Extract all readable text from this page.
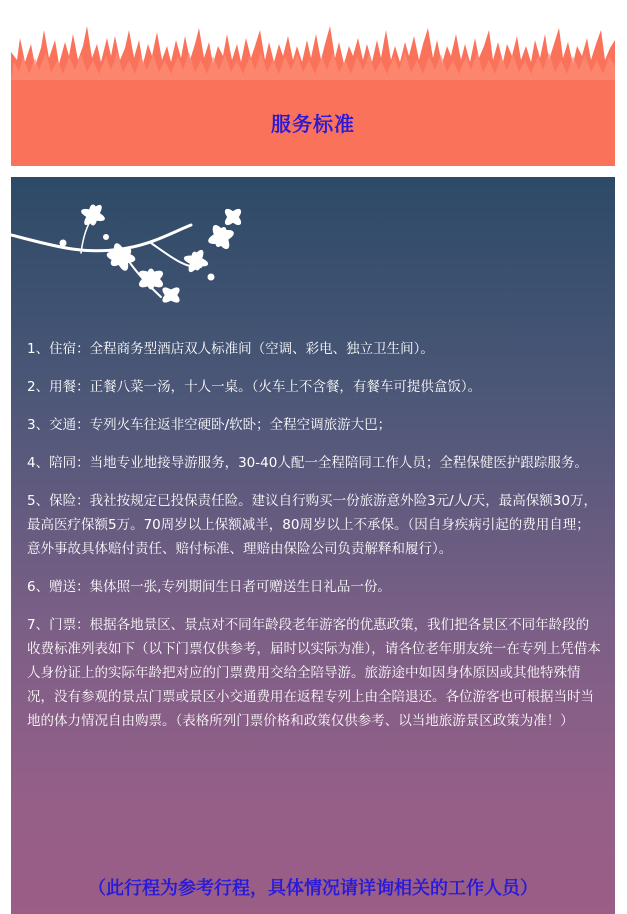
服务标准
1、住宿：全程商务型酒店双人标准间（空调、彩电、独立卫生间）。
2、用餐：正餐八菜一汤，十人一桌。（火车上不含餐，有餐车可提供盒饭）。
3、交通：专列火车往返非空硬卧/软卧；全程空调旅游大巴；
4、陪同：当地专业地接导游服务，30-40人配一全程陪同工作人员；全程保健医护跟踪服务。
5、保险：我社按规定已投保责任险。建议自行购买一份旅游意外险3元/人/天，最高保额30万，最高医疗保额5万。70周岁以上保额减半，80周岁以上不承保。（因自身疾病引起的费用自理；意外事故具体赔付责任、赔付标准、理赔由保险公司负责解释和履行）。
6、赠送：集体照一张,专列期间生日者可赠送生日礼品一份。
7、门票：根据各地景区、景点对不同年龄段老年游客的优惠政策，我们把各景区不同年龄段的收费标准列表如下（以下门票仅供参考，届时以实际为准），请各位老年朋友统一在专列上凭借本人身份证上的实际年龄把对应的门票费用交给全陪导游。旅游途中如因身体原因或其他特殊情况，没有参观的景点门票或景区小交通费用在返程专列上由全陪退还。各位游客也可根据当时当地的体力情况自由购票。（表格所列门票价格和政策仅供参考、以当地旅游景区政策为准！）
（此行程为参考行程，具体情况请详询相关的工作人员）
